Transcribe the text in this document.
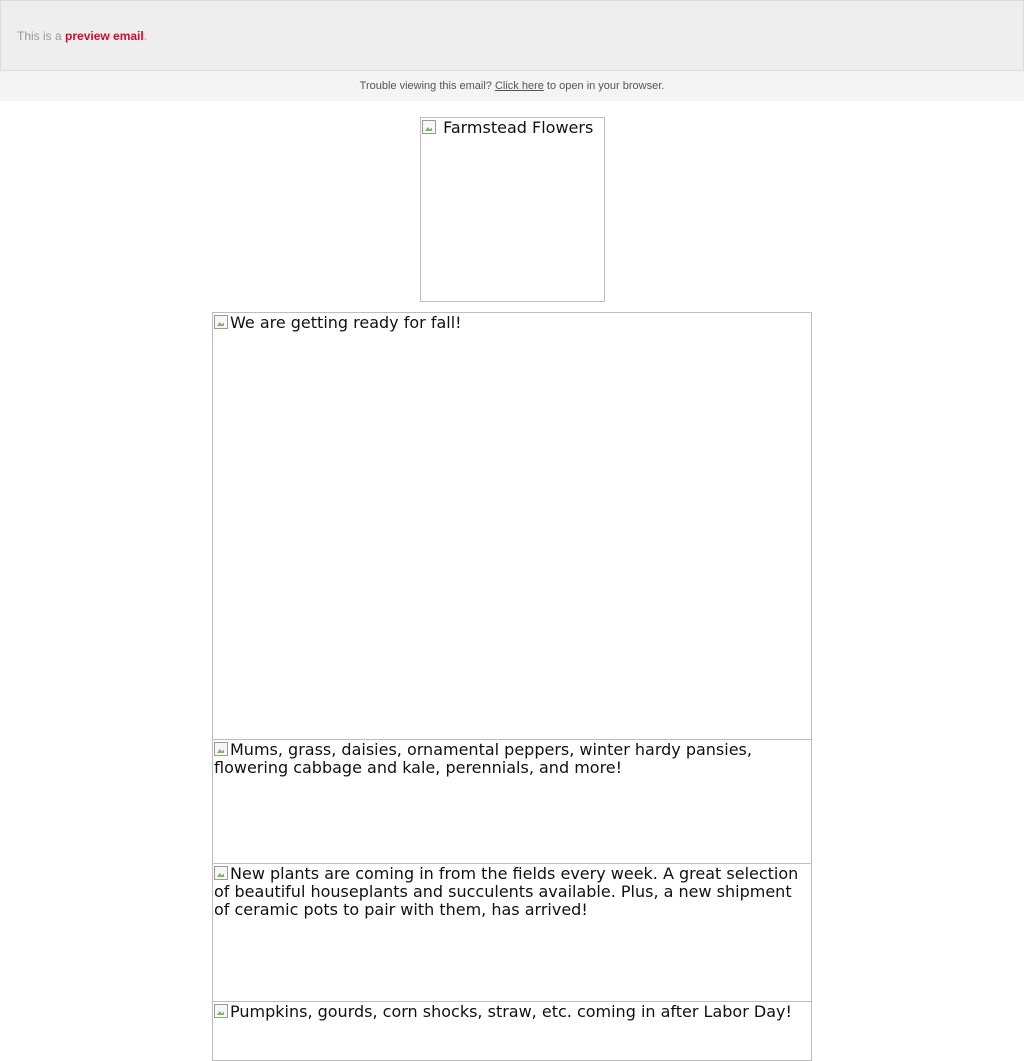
This is a preview email.
Trouble viewing this email? Click here to open in your browser.
Farmstead Flowers
We are getting ready for fall!
Mums, grass, daisies, ornamental peppers, winter hardy pansies, flowering cabbage and kale, perennials, and more!
New plants are coming in from the fields every week. A great selection of beautiful houseplants and succulents available. Plus, a new shipment of ceramic pots to pair with them, has arrived!
Pumpkins, gourds, corn shocks, straw, etc. coming in after Labor Day!
